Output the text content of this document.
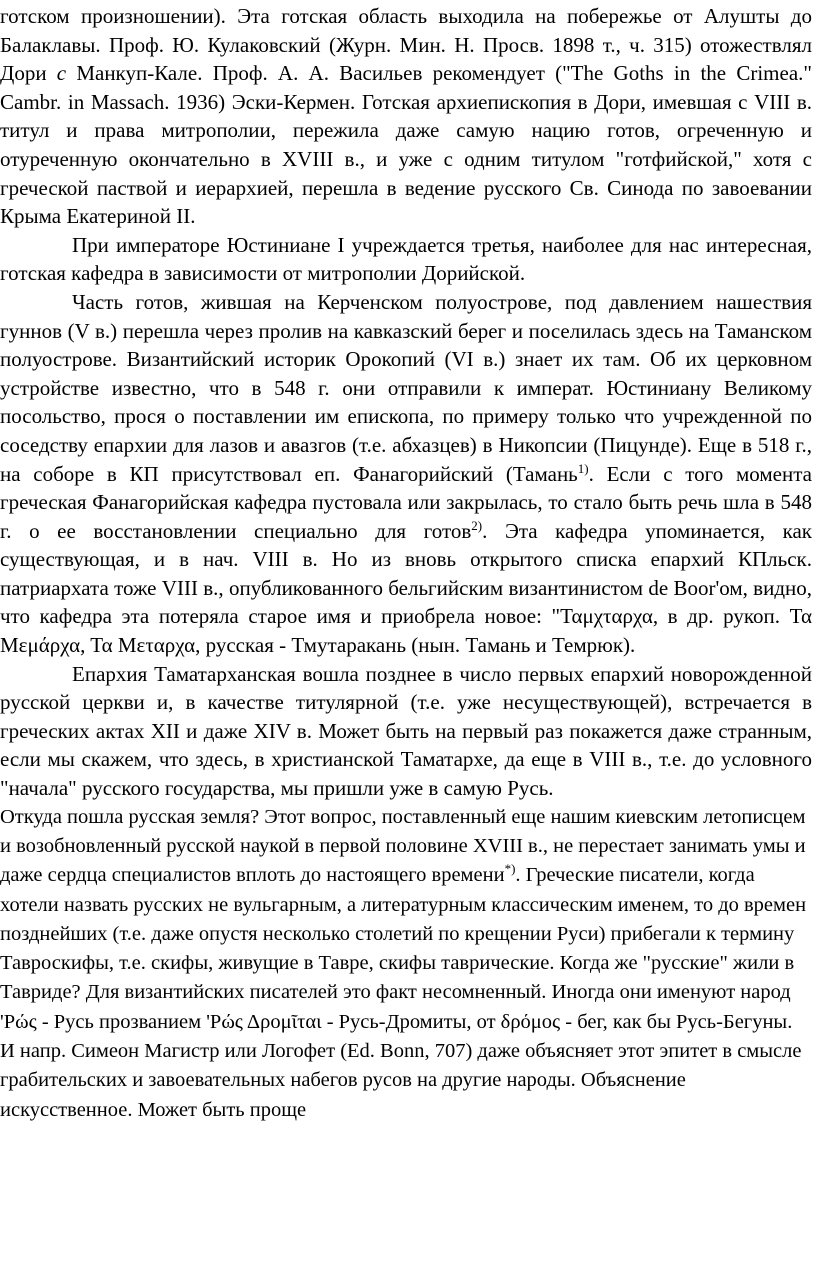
готском произношении). Эта готская область выходила на побережье от Алушты до Балаклавы. Проф. Ю. Кулаковский (Журн. Мин. Н. Просв. 1898 т., ч. 315) отожествлял Дори с Манкуп-Кале. Проф. А. А. Васильев рекомендует ("The Goths in the Crimea." Cambr. in Massach. 1936) Эски-Кермен. Готская архиепископия в Дори, имевшая с VIII в. титул и права митрополии, пережила даже самую нацию готов, огреченную и отуреченную окончательно в XVIII в., и уже с одним титулом "готфийской," хотя с греческой паствой и иерархией, перешла в ведение русского Св. Синода по завоевании Крыма Екатериной II.

При императоре Юстиниане I учреждается третья, наиболее для нас интересная, готская кафедра в зависимости от митрополии Дорийской.

Часть готов, жившая на Керченском полуострове, под давлением нашествия гуннов (V в.) перешла через пролив на кавказский берег и поселилась здесь на Таманском полуострове. Византийский историк Орокопий (VI в.) знает их там. Об их церковном устройстве известно, что в 548 г. они отправили к императ. Юстиниану Великому посольство, прося о поставлении им епископа, по примеру только что учрежденной по соседству епархии для лазов и авазгов (т.е. абхазцев) в Никопсии (Пицунде). Еще в 518 г., на соборе в КП присутствовал еп. Фанагорийский (Тамань$^{1)}$. Если с того момента греческая Фанагорийская кафедра пустовала или закрылась, то стало быть речь шла в 548 г. о ее восстановлении специально для готов$^{2)}$. Эта кафедра упоминается, как существующая, и в нач. VIII в. Но из вновь открытого списка епархий КПльск. патриархата тоже VIII в., опубликованного бельгийским византинистом de Boor'ом, видно, что кафедра эта потеряла старое имя и приобрела новое: "Ταμχταρχα, в др. рукоп. Τα Μεμάρχα, Τα Μεταρχα, русская - Тмутаракань (нын. Тамань и Темрюк).

Епархия Таматарханская вошла позднее в число первых епархий новорожденной русской церкви и, в качестве титулярной (т.е. уже несуществующей), встречается в греческих актах XII и даже XIV в. Может быть на первый раз покажется даже странным, если мы скажем, что здесь, в христианской Таматархе, да еще в VIII в., т.е. до условного "начала" русского государства, мы пришли уже в самую Русь.

Откуда пошла русская земля? Этот вопрос, поставленный еще нашим киевским летописцем и возобновленный русской наукой в первой половине XVIII в., не перестает занимать умы и даже сердца специалистов вплоть до настоящего времени*). Греческие писатели, когда хотели назвать русских не вульгарным, а литературным классическим именем, то до времен позднейших (т.е. даже опустя несколько столетий по крещении Руси) прибегали к термину Тавроскифы, т.е. скифы, живущие в Тавре, скифы таврические. Когда же "русские" жили в Тавриде? Для византийских писателей это факт несомненный. Иногда они именуют народ 'Ρώς - Русь прозванием 'Ρώς Δρομῖται - Русь-Дромиты, от δρόμος - бег, как бы Русь-Бегуны. И напр. Симеон Магистр или Логофет (Ed. Bonn, 707) даже объясняет этот эпитет в смысле грабительских и завоевательных набегов русов на другие народы. Объяснение искусственное. Может быть проще
